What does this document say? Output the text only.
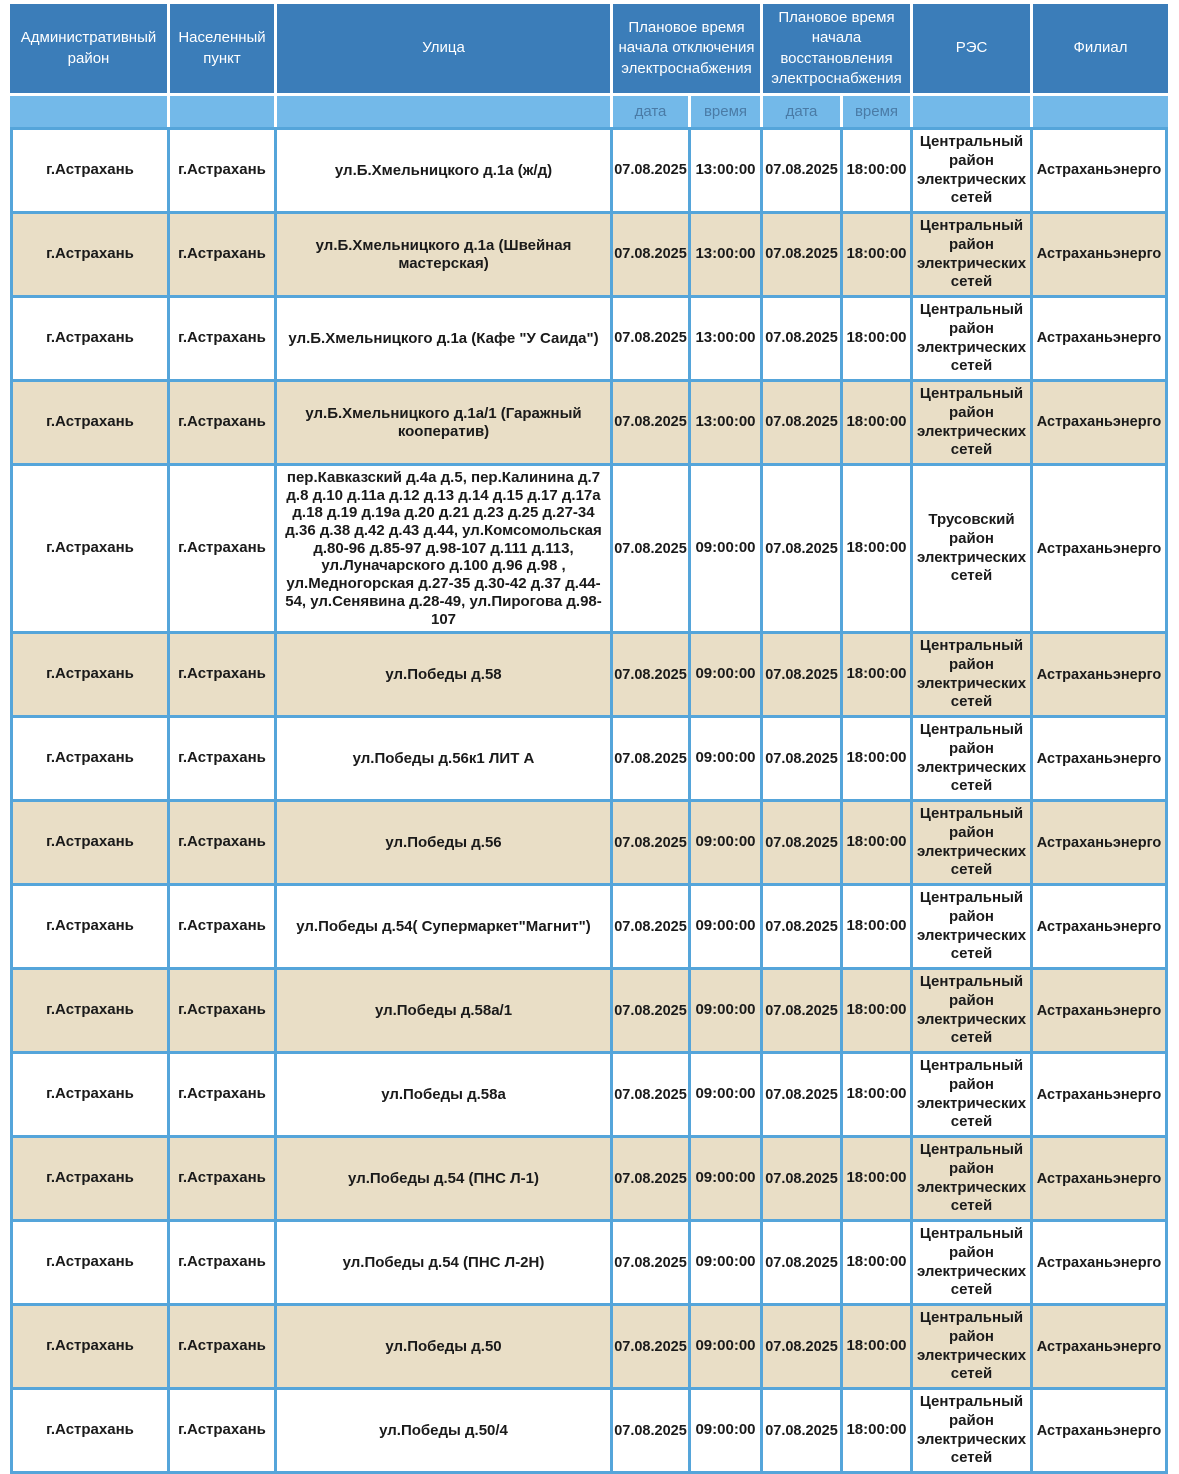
Административный район	Населенный пункт	Улица	Плановое время начала отключения электроснабжения		Плановое время начала восстановления электроснабжения		РЭС	Филиал
			дата	время	дата	время		
г.Астрахань	г.Астрахань	ул.Б.Хмельницкого д.1а (ж/д)	07.08.2025	13:00:00	07.08.2025	18:00:00	Центральный район электрических сетей	Астраханьэнерго
г.Астрахань	г.Астрахань	ул.Б.Хмельницкого д.1а (Швейная мастерская)	07.08.2025	13:00:00	07.08.2025	18:00:00	Центральный район электрических сетей	Астраханьэнерго
г.Астрахань	г.Астрахань	ул.Б.Хмельницкого д.1а (Кафе "У Саида")	07.08.2025	13:00:00	07.08.2025	18:00:00	Центральный район электрических сетей	Астраханьэнерго
г.Астрахань	г.Астрахань	ул.Б.Хмельницкого д.1а/1 (Гаражный кооператив)	07.08.2025	13:00:00	07.08.2025	18:00:00	Центральный район электрических сетей	Астраханьэнерго
г.Астрахань	г.Астрахань	пер.Кавказский д.4а д.5, пер.Калинина д.7 д.8 д.10 д.11а д.12 д.13 д.14 д.15 д.17 д.17а д.18 д.19 д.19а д.20 д.21 д.23 д.25 д.27-34 д.36 д.38 д.42 д.43 д.44, ул.Комсомольская д.80-96 д.85-97 д.98-107 д.111 д.113, ул.Луначарского д.100 д.96 д.98 , ул.Медногорская д.27-35 д.30-42 д.37 д.44-54, ул.Сенявина д.28-49, ул.Пирогова д.98-107	07.08.2025	09:00:00	07.08.2025	18:00:00	Трусовский район электрических сетей	Астраханьэнерго
г.Астрахань	г.Астрахань	ул.Победы д.58	07.08.2025	09:00:00	07.08.2025	18:00:00	Центральный район электрических сетей	Астраханьэнерго
г.Астрахань	г.Астрахань	ул.Победы д.56к1 ЛИТ А	07.08.2025	09:00:00	07.08.2025	18:00:00	Центральный район электрических сетей	Астраханьэнерго
г.Астрахань	г.Астрахань	ул.Победы д.56	07.08.2025	09:00:00	07.08.2025	18:00:00	Центральный район электрических сетей	Астраханьэнерго
г.Астрахань	г.Астрахань	ул.Победы д.54( Супермаркет"Магнит")	07.08.2025	09:00:00	07.08.2025	18:00:00	Центральный район электрических сетей	Астраханьэнерго
г.Астрахань	г.Астрахань	ул.Победы д.58а/1	07.08.2025	09:00:00	07.08.2025	18:00:00	Центральный район электрических сетей	Астраханьэнерго
г.Астрахань	г.Астрахань	ул.Победы д.58а	07.08.2025	09:00:00	07.08.2025	18:00:00	Центральный район электрических сетей	Астраханьэнерго
г.Астрахань	г.Астрахань	ул.Победы д.54 (ПНС Л-1)	07.08.2025	09:00:00	07.08.2025	18:00:00	Центральный район электрических сетей	Астраханьэнерго
г.Астрахань	г.Астрахань	ул.Победы д.54 (ПНС Л-2Н)	07.08.2025	09:00:00	07.08.2025	18:00:00	Центральный район электрических сетей	Астраханьэнерго
г.Астрахань	г.Астрахань	ул.Победы д.50	07.08.2025	09:00:00	07.08.2025	18:00:00	Центральный район электрических сетей	Астраханьэнерго
г.Астрахань	г.Астрахань	ул.Победы д.50/4	07.08.2025	09:00:00	07.08.2025	18:00:00	Центральный район электрических сетей	Астраханьэнерго
